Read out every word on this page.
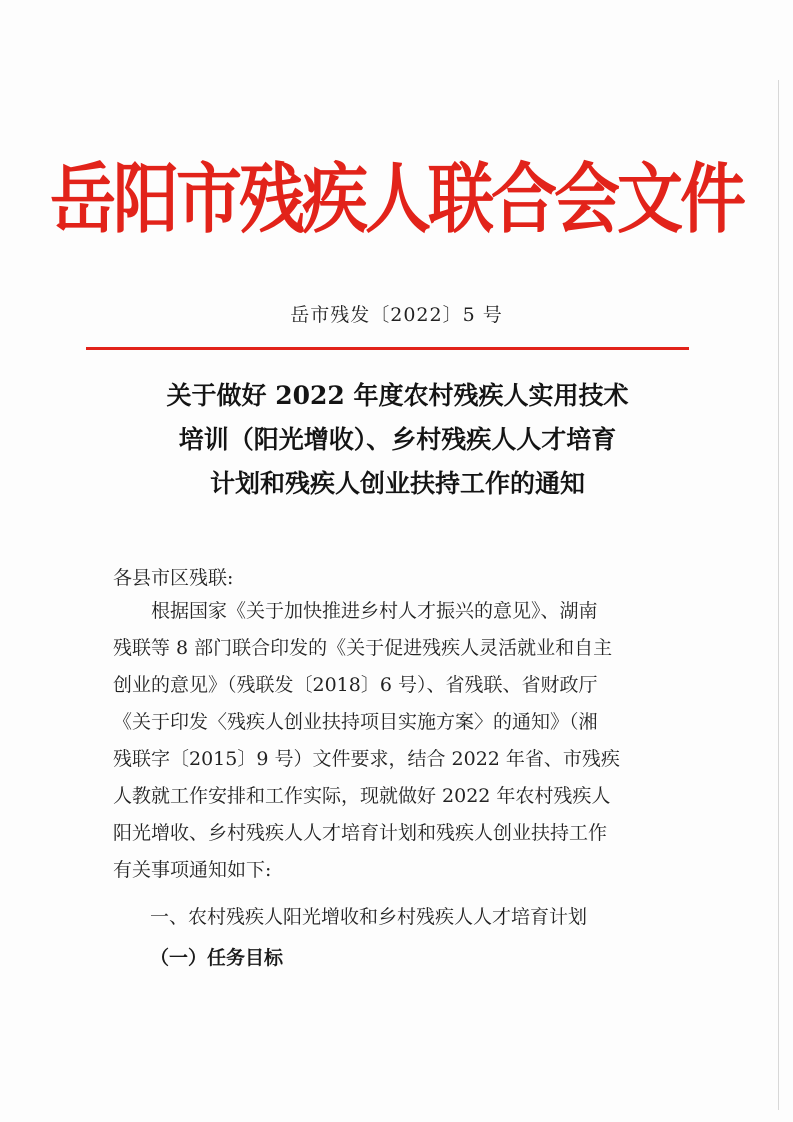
岳阳市残疾人联合会文件
岳市残发〔2022〕5 号
关于做好 2022 年度农村残疾人实用技术
培训（阳光增收）、乡村残疾人人才培育
计划和残疾人创业扶持工作的通知
各县市区残联:
　　根据国家《关于加快推进乡村人才振兴的意见》、湖南
残联等 8 部门联合印发的《关于促进残疾人灵活就业和自主
创业的意见》（残联发〔2018〕6 号）、省残联、省财政厅
《关于印发〈残疾人创业扶持项目实施方案〉的通知》（湘
残联字〔2015〕9 号）文件要求，结合 2022 年省、市残疾
人教就工作安排和工作实际，现就做好 2022 年农村残疾人
阳光增收、乡村残疾人人才培育计划和残疾人创业扶持工作
有关事项通知如下:
一、农村残疾人阳光增收和乡村残疾人人才培育计划
（一）任务目标
